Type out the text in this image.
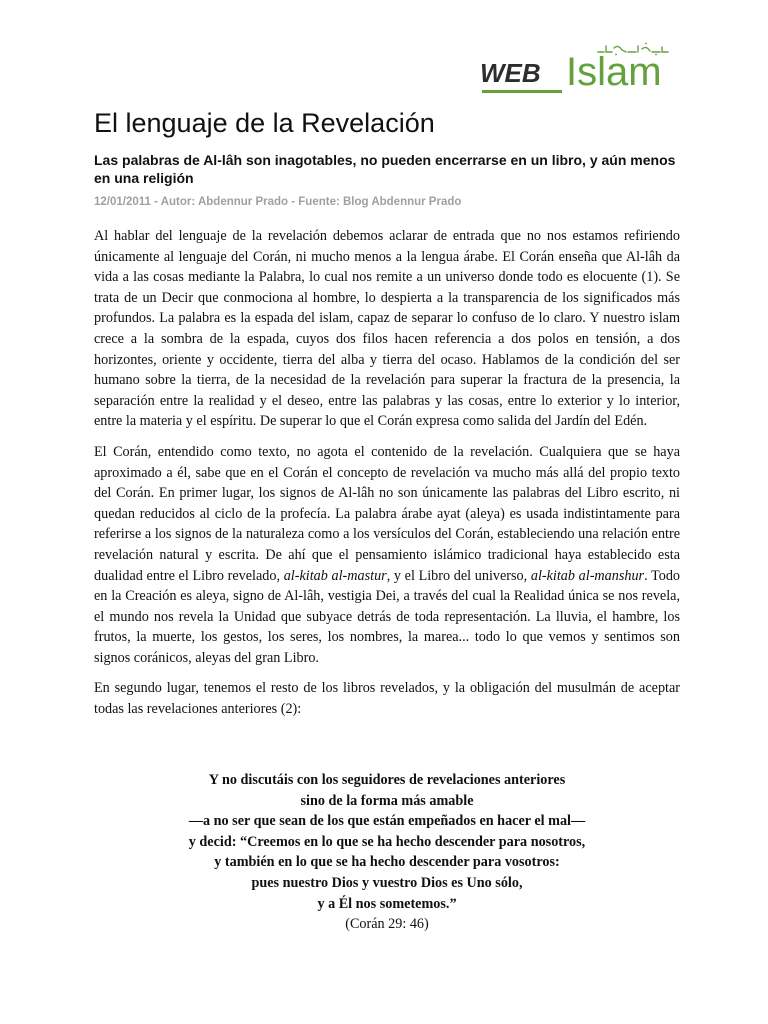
WEB Islam
El lenguaje de la Revelación

Las palabras de Al-lâh son inagotables, no pueden encerrarse en un libro, y aún menos en una religión

12/01/2011 - Autor: Abdennur Prado - Fuente: Blog Abdennur Prado

Al hablar del lenguaje de la revelación debemos aclarar de entrada que no nos estamos refiriendo únicamente al lenguaje del Corán, ni mucho menos a la lengua árabe. El Corán enseña que Al-lâh da vida a las cosas mediante la Palabra, lo cual nos remite a un universo donde todo es elocuente (1). Se trata de un Decir que conmociona al hombre, lo despierta a la transparencia de los significados más profundos. La palabra es la espada del islam, capaz de separar lo confuso de lo claro. Y nuestro islam crece a la sombra de la espada, cuyos dos filos hacen referencia a dos polos en tensión, a dos horizontes, oriente y occidente, tierra del alba y tierra del ocaso. Hablamos de la condición del ser humano sobre la tierra, de la necesidad de la revelación para superar la fractura de la presencia, la separación entre la realidad y el deseo, entre las palabras y las cosas, entre lo exterior y lo interior, entre la materia y el espíritu. De superar lo que el Corán expresa como salida del Jardín del Edén.

El Corán, entendido como texto, no agota el contenido de la revelación. Cualquiera que se haya aproximado a él, sabe que en el Corán el concepto de revelación va mucho más allá del propio texto del Corán. En primer lugar, los signos de Al-lâh no son únicamente las palabras del Libro escrito, ni quedan reducidos al ciclo de la profecía. La palabra árabe ayat (aleya) es usada indistintamente para referirse a los signos de la naturaleza como a los versículos del Corán, estableciendo una relación entre revelación natural y escrita. De ahí que el pensamiento islámico tradicional haya establecido esta dualidad entre el Libro revelado, al-kitab al-mastur, y el Libro del universo, al-kitab al-manshur. Todo en la Creación es aleya, signo de Al-lâh, vestigia Dei, a través del cual la Realidad única se nos revela, el mundo nos revela la Unidad que subyace detrás de toda representación. La lluvia, el hambre, los frutos, la muerte, los gestos, los seres, los nombres, la marea... todo lo que vemos y sentimos son signos coránicos, aleyas del gran Libro.

En segundo lugar, tenemos el resto de los libros revelados, y la obligación del musulmán de aceptar todas las revelaciones anteriores (2):

Y no discutáis con los seguidores de revelaciones anteriores
sino de la forma más amable
—a no ser que sean de los que están empeñados en hacer el mal—
y decid: “Creemos en lo que se ha hecho descender para nosotros,
y también en lo que se ha hecho descender para vosotros:
pues nuestro Dios y vuestro Dios es Uno sólo,
y a Él nos sometemos.”
(Corán 29: 46)
